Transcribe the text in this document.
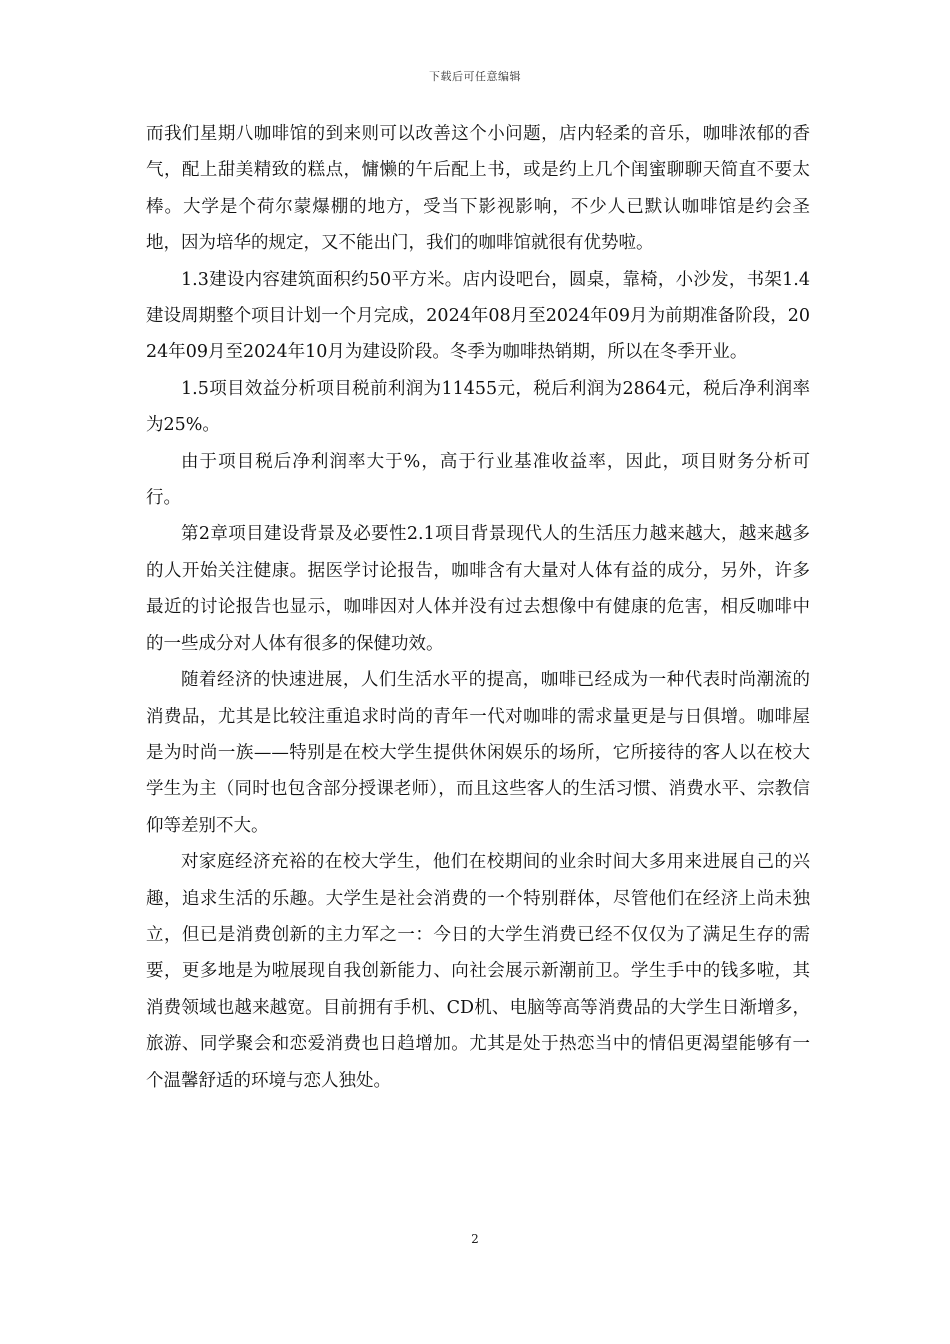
下载后可任意编辑

而我们星期八咖啡馆的到来则可以改善这个小问题，店内轻柔的音乐，咖啡浓郁的香气，配上甜美精致的糕点，慵懒的午后配上书，或是约上几个闺蜜聊聊天简直不要太棒。大学是个荷尔蒙爆棚的地方，受当下影视影响，不少人已默认咖啡馆是约会圣地，因为培华的规定，又不能出门，我们的咖啡馆就很有优势啦。

1.3建设内容建筑面积约50平方米。店内设吧台，圆桌，靠椅，小沙发，书架1.4建设周期整个项目计划一个月完成，2024年08月至2024年09月为前期准备阶段，2024年09月至2024年10月为建设阶段。冬季为咖啡热销期，所以在冬季开业。

1.5项目效益分析项目税前利润为11455元，税后利润为2864元，税后净利润率为25%。

由于项目税后净利润率大于%，高于行业基准收益率，因此，项目财务分析可行。

第2章项目建设背景及必要性2.1项目背景现代人的生活压力越来越大，越来越多的人开始关注健康。据医学讨论报告，咖啡含有大量对人体有益的成分，另外，许多最近的讨论报告也显示，咖啡因对人体并没有过去想像中有健康的危害，相反咖啡中的一些成分对人体有很多的保健功效。

随着经济的快速进展，人们生活水平的提高，咖啡已经成为一种代表时尚潮流的消费品，尤其是比较注重追求时尚的青年一代对咖啡的需求量更是与日俱增。咖啡屋是为时尚一族——特别是在校大学生提供休闲娱乐的场所，它所接待的客人以在校大学生为主（同时也包含部分授课老师），而且这些客人的生活习惯、消费水平、宗教信仰等差别不大。

对家庭经济充裕的在校大学生，他们在校期间的业余时间大多用来进展自己的兴趣，追求生活的乐趣。大学生是社会消费的一个特别群体，尽管他们在经济上尚未独立，但已是消费创新的主力军之一：今日的大学生消费已经不仅仅为了满足生存的需要，更多地是为啦展现自我创新能力、向社会展示新潮前卫。学生手中的钱多啦，其消费领域也越来越宽。目前拥有手机、CD机、电脑等高等消费品的大学生日渐增多，旅游、同学聚会和恋爱消费也日趋增加。尤其是处于热恋当中的情侣更渴望能够有一个温馨舒适的环境与恋人独处。

2
